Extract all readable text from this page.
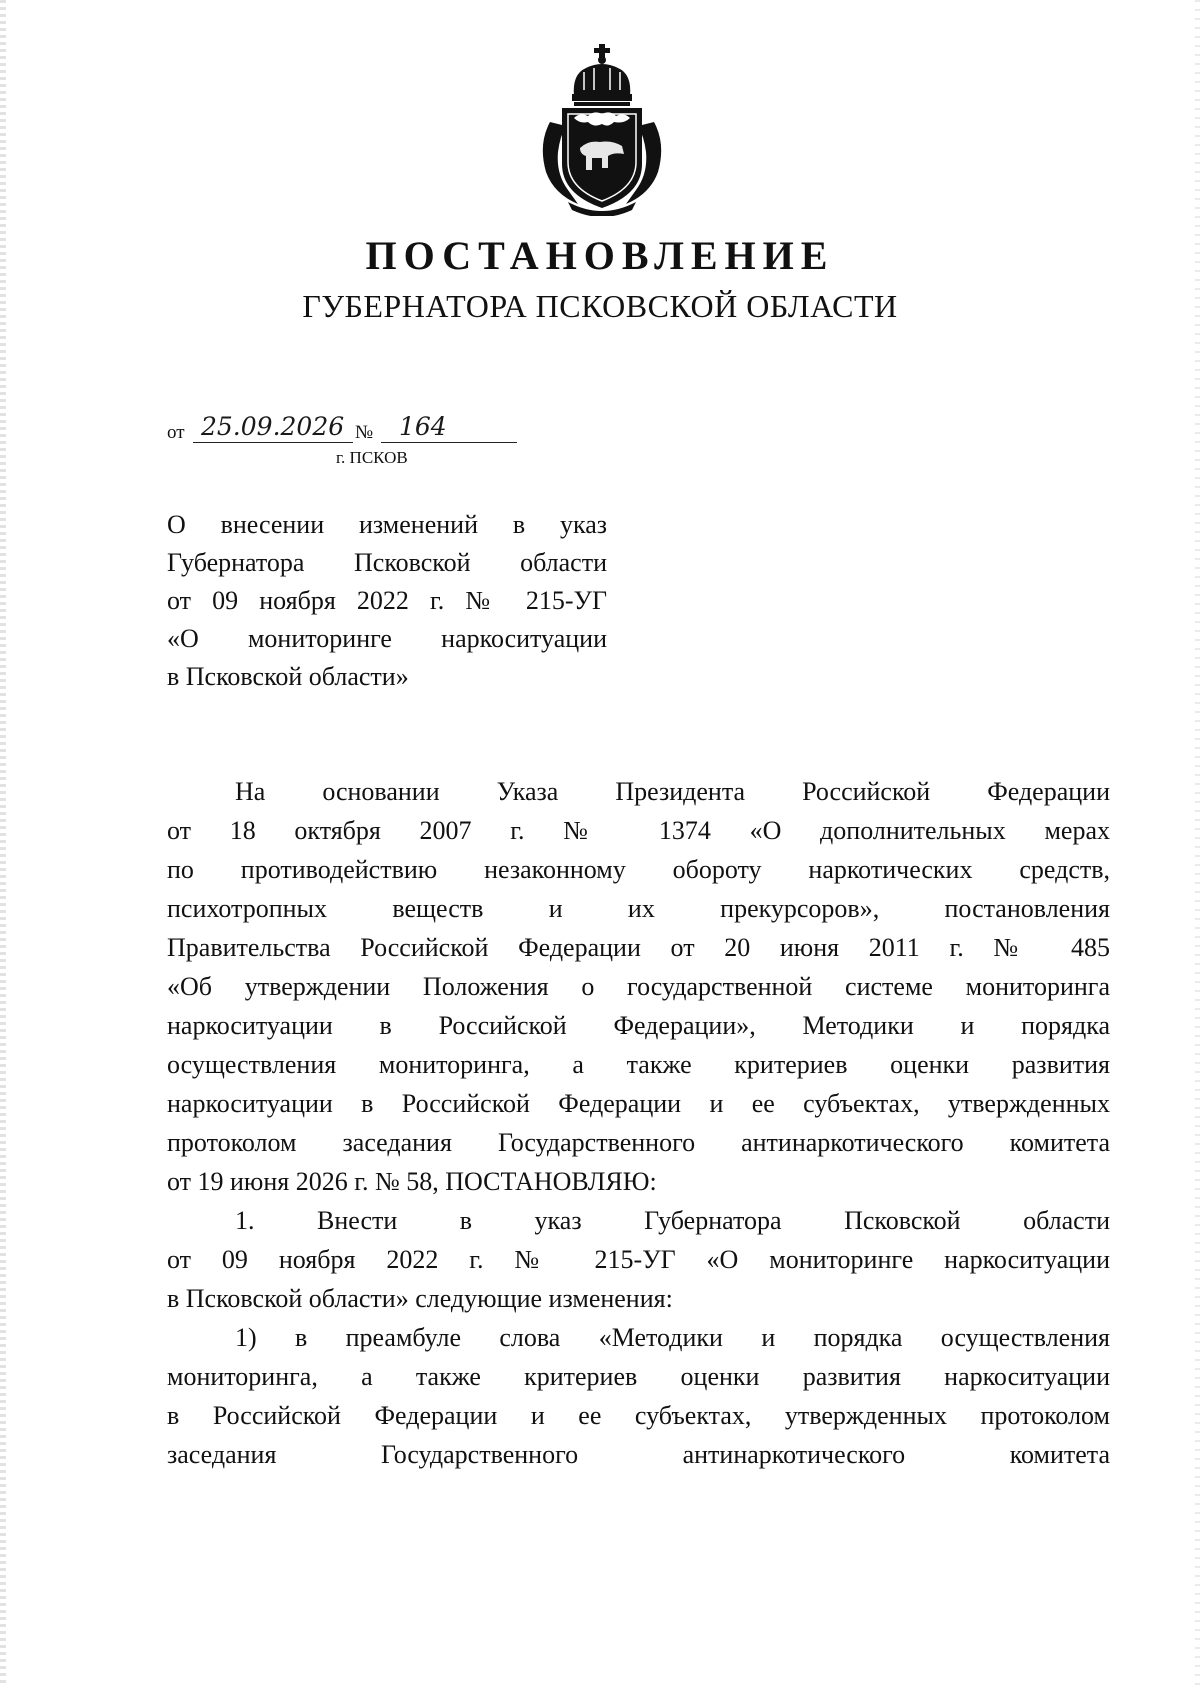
ПОСТАНОВЛЕНИЕ
ГУБЕРНАТОРА ПСКОВСКОЙ ОБЛАСТИ
от 25.09.2026 № 164
г. ПСКОВ
О внесении изменений в указ
Губернатора Псковской области
от 09 ноября 2022 г. № 215-УГ
«О мониторинге наркоситуации
в Псковской области»

На основании Указа Президента Российской Федерации
от 18 октября 2007 г. № 1374 «О дополнительных мерах
по противодействию незаконному обороту наркотических средств,
психотропных веществ и их прекурсоров», постановления
Правительства Российской Федерации от 20 июня 2011 г. № 485
«Об утверждении Положения о государственной системе мониторинга
наркоситуации в Российской Федерации», Методики и порядка
осуществления мониторинга, а также критериев оценки развития
наркоситуации в Российской Федерации и ее субъектах, утвержденных
протоколом заседания Государственного антинаркотического комитета
от 19 июня 2026 г. № 58, ПОСТАНОВЛЯЮ:

1. Внести в указ Губернатора Псковской области
от 09 ноября 2022 г. № 215-УГ «О мониторинге наркоситуации
в Псковской области» следующие изменения:

1) в преамбуле слова «Методики и порядка осуществления
мониторинга, а также критериев оценки развития наркоситуации
в Российской Федерации и ее субъектах, утвержденных протоколом
заседания Государственного антинаркотического комитета
